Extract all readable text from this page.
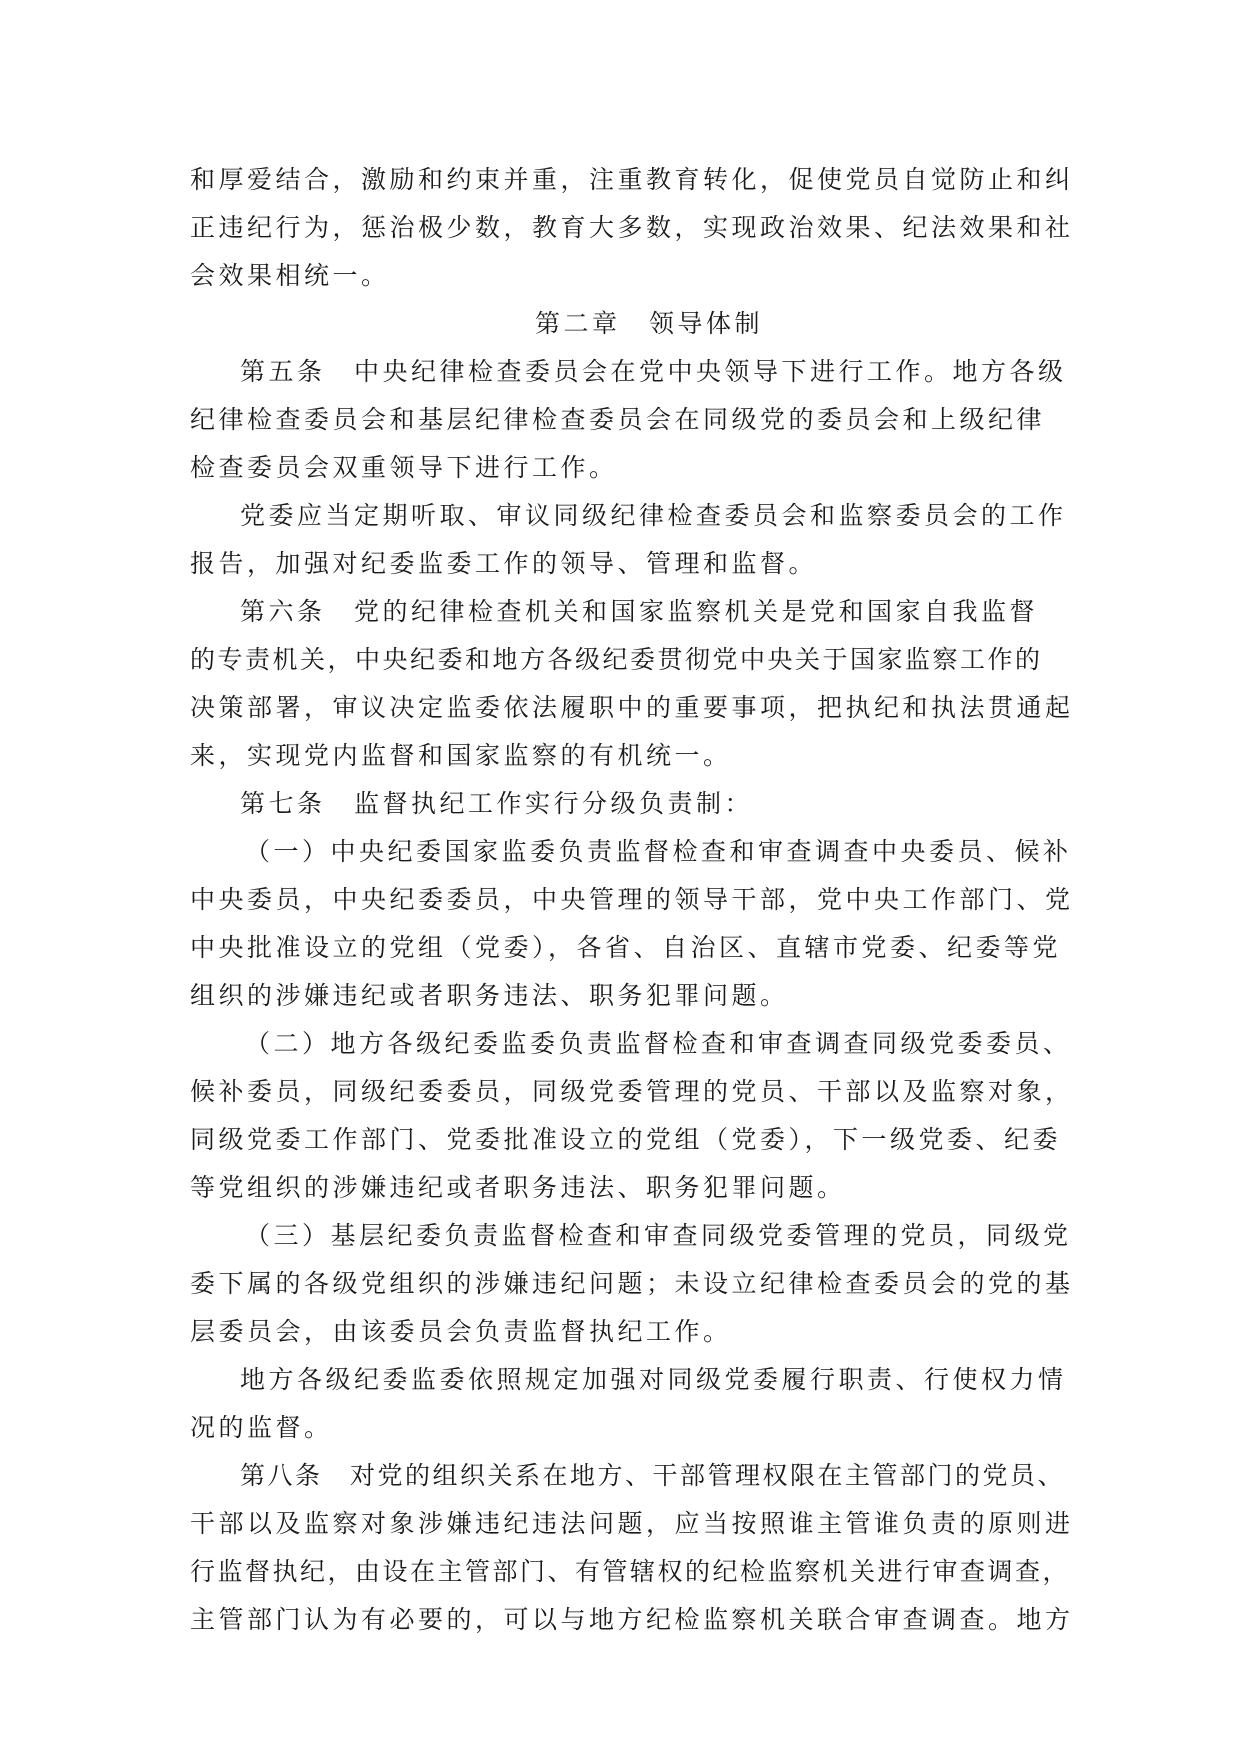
和厚爱结合，激励和约束并重，注重教育转化，促使党员自觉防止和纠
正违纪行为，惩治极少数，教育大多数，实现政治效果、纪法效果和社
会效果相统一。
第二章　领导体制
第五条　中央纪律检查委员会在党中央领导下进行工作。地方各级
纪律检查委员会和基层纪律检查委员会在同级党的委员会和上级纪律
检查委员会双重领导下进行工作。
党委应当定期听取、审议同级纪律检查委员会和监察委员会的工作
报告，加强对纪委监委工作的领导、管理和监督。
第六条　党的纪律检查机关和国家监察机关是党和国家自我监督
的专责机关，中央纪委和地方各级纪委贯彻党中央关于国家监察工作的
决策部署，审议决定监委依法履职中的重要事项，把执纪和执法贯通起
来，实现党内监督和国家监察的有机统一。
第七条　监督执纪工作实行分级负责制：
（一）中央纪委国家监委负责监督检查和审查调查中央委员、候补
中央委员，中央纪委委员，中央管理的领导干部，党中央工作部门、党
中央批准设立的党组（党委），各省、自治区、直辖市党委、纪委等党
组织的涉嫌违纪或者职务违法、职务犯罪问题。
（二）地方各级纪委监委负责监督检查和审查调查同级党委委员、
候补委员，同级纪委委员，同级党委管理的党员、干部以及监察对象，
同级党委工作部门、党委批准设立的党组（党委），下一级党委、纪委
等党组织的涉嫌违纪或者职务违法、职务犯罪问题。
（三）基层纪委负责监督检查和审查同级党委管理的党员，同级党
委下属的各级党组织的涉嫌违纪问题；未设立纪律检查委员会的党的基
层委员会，由该委员会负责监督执纪工作。
地方各级纪委监委依照规定加强对同级党委履行职责、行使权力情
况的监督。
第八条　对党的组织关系在地方、干部管理权限在主管部门的党员、
干部以及监察对象涉嫌违纪违法问题，应当按照谁主管谁负责的原则进
行监督执纪，由设在主管部门、有管辖权的纪检监察机关进行审查调查，
主管部门认为有必要的，可以与地方纪检监察机关联合审查调查。地方
